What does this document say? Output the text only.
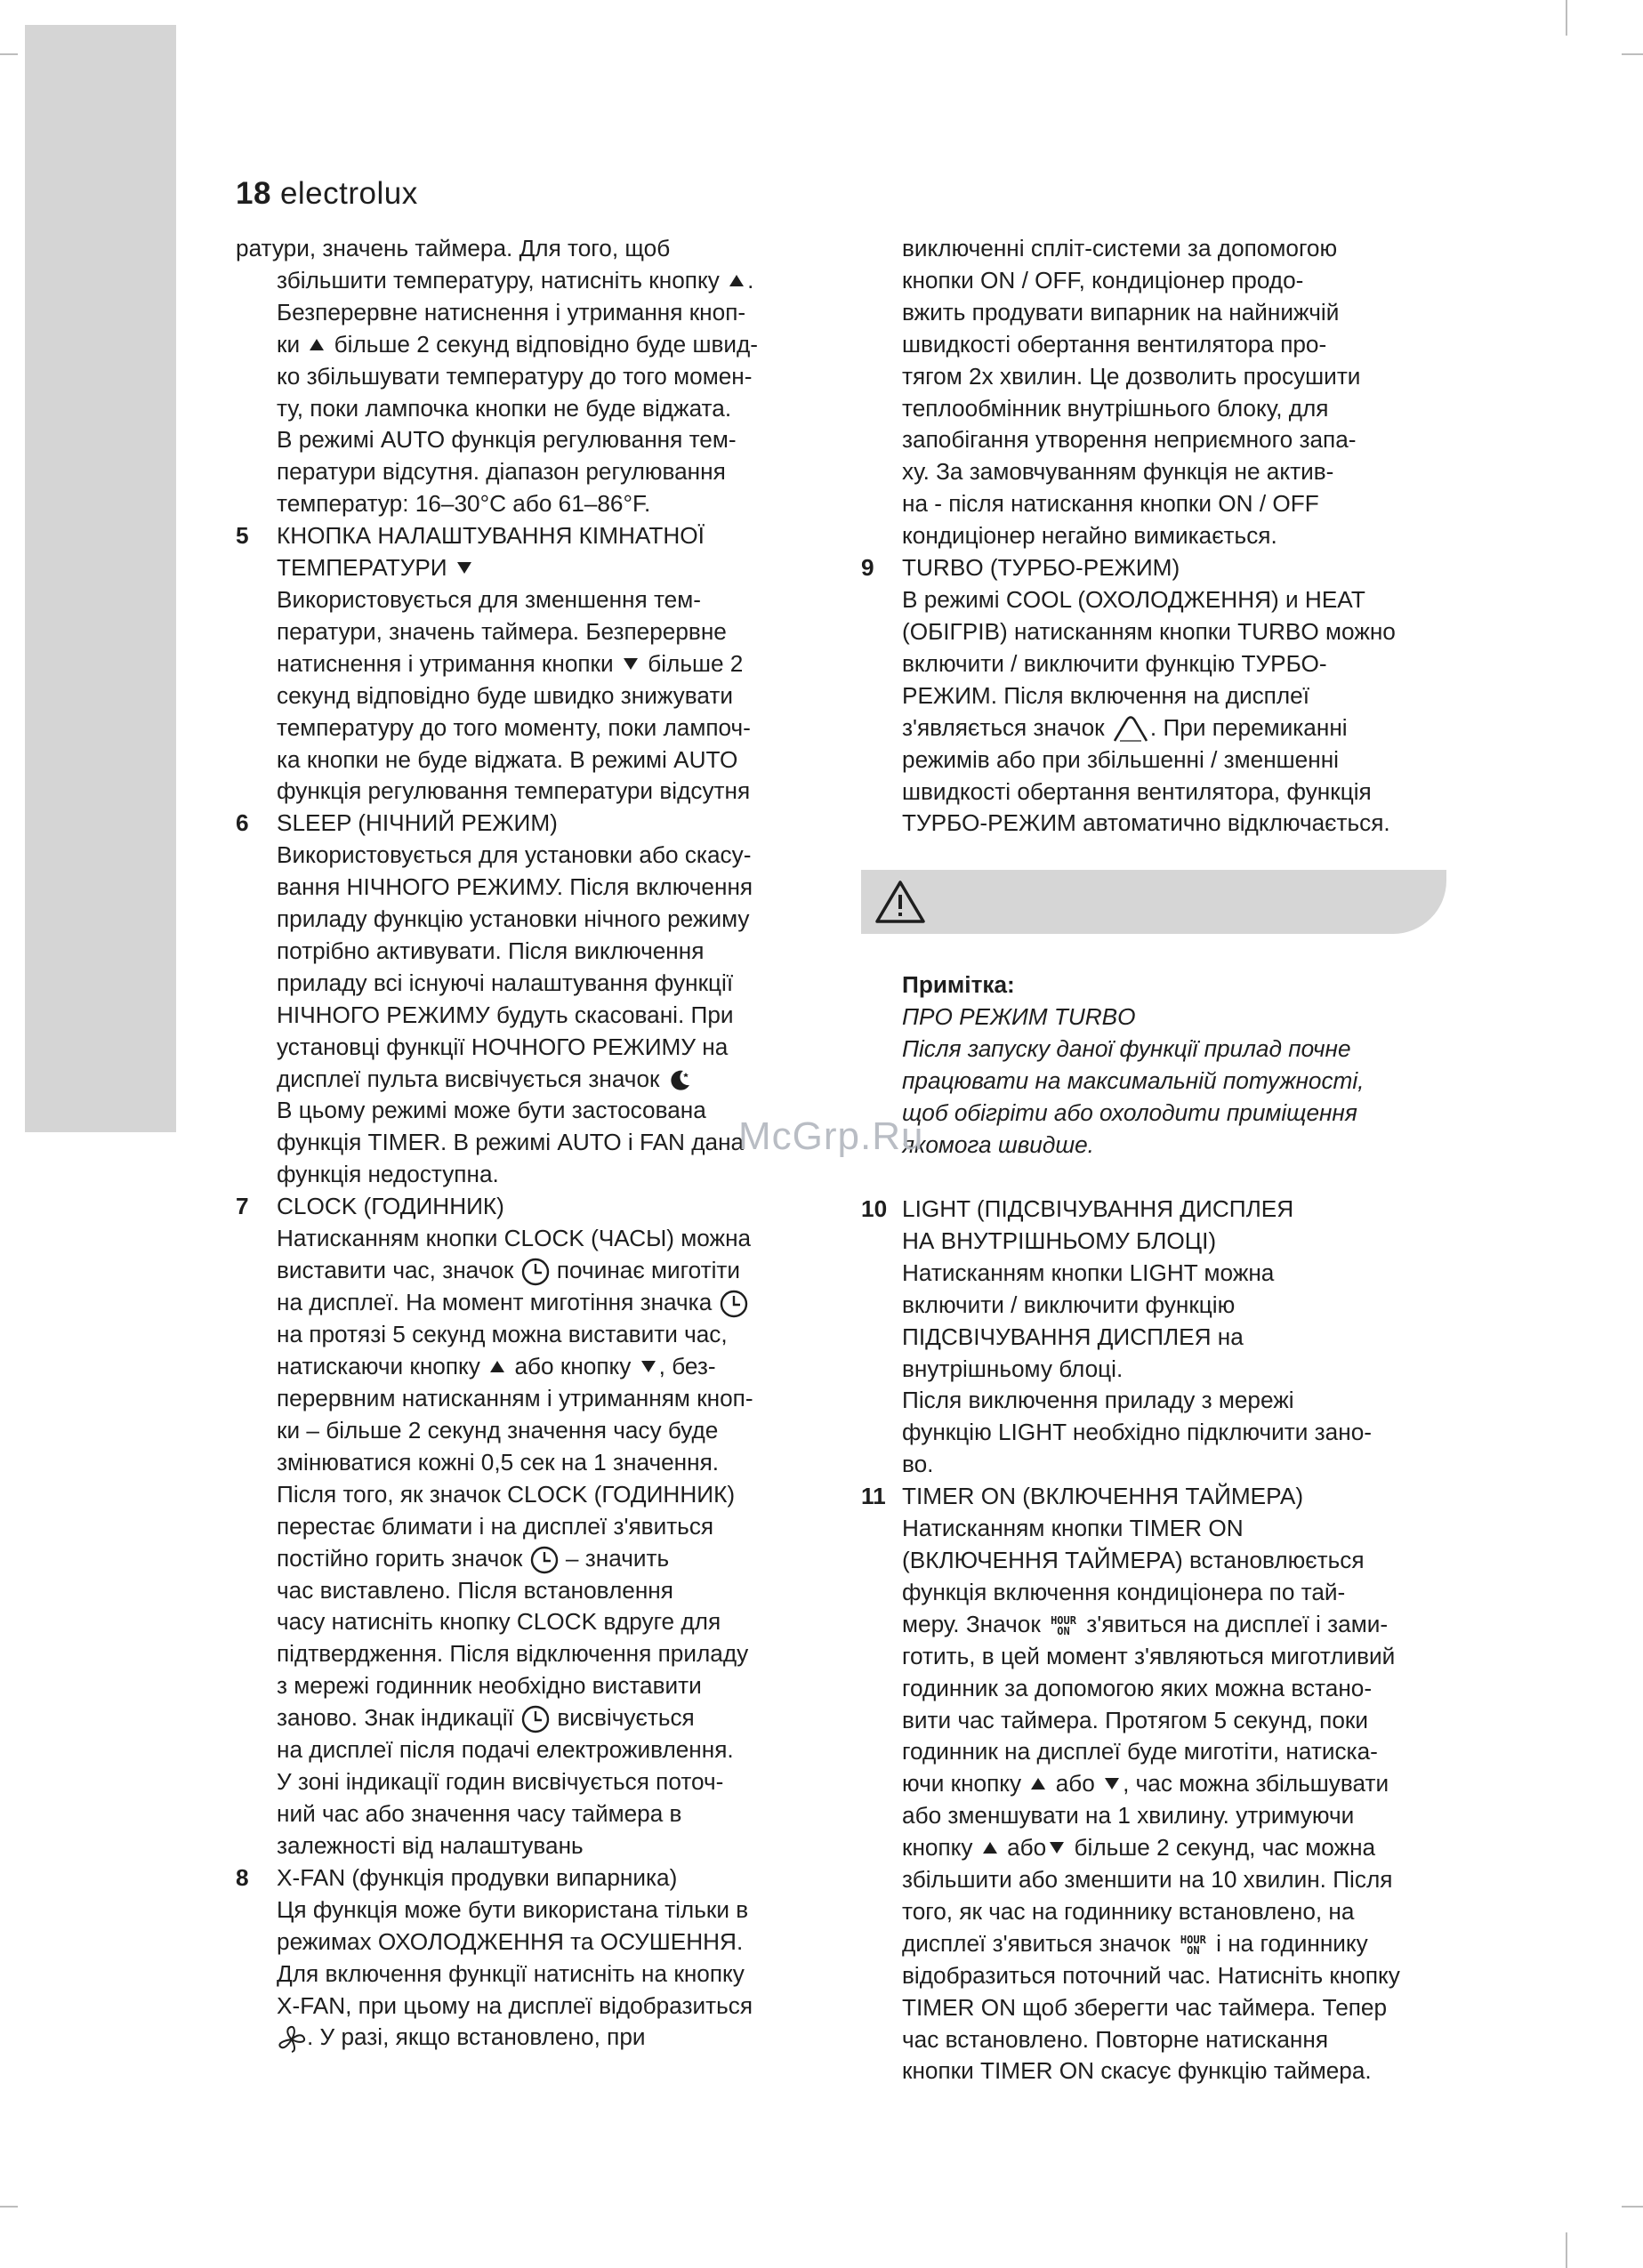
18 electrolux

ратури, значень таймера. Для того, щоб

збільшити температуру, натисніть кнопку .

Безперервне натиснення і утримання кноп-

ки більше 2 секунд відповідно буде швид-

ко збільшувати температуру до того момен-

ту, поки лампочка кнопки не буде віджата.

В режимі AUTO функція регулювання тем-

ператури відсутня. діапазон регулювання

температур: 16–30°C або 61–86°F.

5	КНОПКА НАЛАШТУВАННЯ КІМНАТНОЇ

ТЕМПЕРАТУРИ

Використовується для зменшення тем-

ператури, значень таймера. Безперервне

натиснення і утримання кнопки більше 2

секунд відповідно буде швидко знижувати

температуру до того моменту, поки лампоч-

ка кнопки не буде віджата. В режимі AUTO

функція регулювання температури відсутня

6	SLEEP (НІЧНИЙ РЕЖИМ)

Використовується для установки або скасу-

вання НІЧНОГО РЕЖИМУ. Після включення

приладу функцію установки нічного режиму

потрібно активувати. Після виключення

приладу всі існуючі налаштування функції

НІЧНОГО РЕЖИМУ будуть скасовані. При

установці функції НОЧНОГО РЕЖИМУ на

дисплеї пульта висвічується значок

В цьому режимі може бути застосована

функція TIMER. В режимі AUTO і FAN дана

функція недоступна.

7	CLOCK (ГОДИННИК)

Натисканням кнопки CLOCK (ЧАСЫ) можна

виставити час, значок починає миготіти

на дисплеї. На момент миготіння значка

на протязі 5 секунд можна виставити час,

натискаючи кнопку або кнопку , без-

перервним натисканням і утриманням кноп-

ки – більше 2 секунд значення часу буде

змінюватися кожні 0,5 сек на 1 значення.

Після того, як значок CLOCK (ГОДИННИК)

перестає блимати і на дисплеї з'явиться

постійно горить значок – значить

час виставлено. Після встановлення

часу натисніть кнопку CLOCK вдруге для

підтвердження. Після відключення приладу

з мережі годинник необхідно виставити

заново. Знак індикації висвічується

на дисплеї після подачі електроживлення.

У зоні індикації годин висвічується поточ-

ний час або значення часу таймера в

залежності від налаштувань

8	X-FAN (функція продувки випарника)

Ця функція може бути використана тільки в

режимах ОХОЛОДЖЕННЯ та ОСУШЕННЯ.

Для включення функції натисніть на кнопку

X-FAN, при цьому на дисплеї відобразиться

. У разі, якщо встановлено, при

виключенні спліт-системи за допомогою

кнопки ON / OFF, кондиціонер продо-

вжить продувати випарник на найнижчій

швидкості обертання вентилятора про-

тягом 2х хвилин. Це дозволить просушити

теплообмінник внутрішнього блоку, для

запобігання утворення неприємного запа-

ху. За замовчуванням функція не актив-

на - після натискання кнопки ON / OFF

кондиціонер негайно вимикається.

9	TURBO (ТУРБО-РЕЖИМ)

В режимі COOL (ОХОЛОДЖЕННЯ) и HEAT

(ОБІГРІВ) натисканням кнопки TURBO можно

включити / виключити функцію ТУРБО-

РЕЖИМ. Після включення на дисплеї

з'являється значок . При перемиканні

режимів або при збільшенні / зменшенні

швидкості обертання вентилятора, функція

ТУРБО-РЕЖИМ автоматично відключається.

Примітка:

ПРО РЕЖИМ TURBO

Після запуску даної функції прилад почне

працювати на максимальній потужності,

щоб обігріти або охолодити приміщення

якомога швидше.

McGrp.Ru
10 LIGHT (ПІДСВІЧУВАННЯ ДИСПЛЕЯ

НА ВНУТРІШНЬОМУ БЛОЦІ)

Натисканням кнопки LIGHT можна

включити / виключити функцію

ПІДСВІЧУВАННЯ ДИСПЛЕЯ на

внутрішньому блоці.

Після виключення приладу з мережі

функцію LIGHT необхідно підключити зано-

во.

11 TIMER ON (ВКЛЮЧЕННЯ ТАЙМЕРА)

Натисканням кнопки TIMER ON

(ВКЛЮЧЕННЯ ТАЙМЕРА) встановлюється

функція включення кондиціонера по тай-

меру. Значок HOUR
ON з'явиться на дисплеї і зами-

готить, в цей момент з'являються миготливий

годинник за допомогою яких можна встано-

вити час таймера. Протягом 5 секунд, поки

годинник на дисплеї буде миготіти, натиска-

ючи кнопку або , час можна збільшувати

або зменшувати на 1 хвилину. утримуючи

кнопку або більше 2 секунд, час можна

збільшити або зменшити на 10 хвилин. Після

того, як час на годиннику встановлено, на

дисплеї з'явиться значок HOUR
ON і на годиннику

відобразиться поточний час. Натисніть кнопку

TIMER ON щоб зберегти час таймера. Тепер

час встановлено. Повторне натискання

кнопки TIMER ON скасує функцію таймера.
